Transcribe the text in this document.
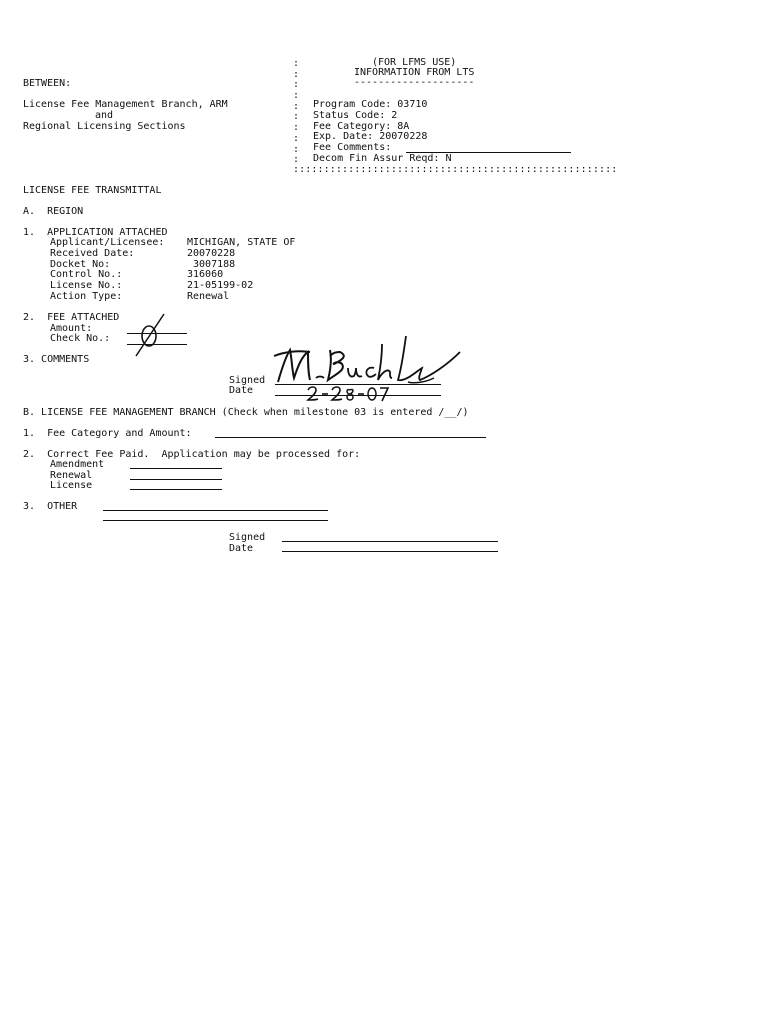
BETWEEN:
License Fee Management Branch, ARM
and
Regional Licensing Sections
:
:
:
:
:
:
:
:
:
:
(FOR LFMS USE)
INFORMATION FROM LTS
--------------------
Program Code: 03710
Status Code: 2
Fee Category: 8A
Exp. Date: 20070228
Fee Comments:
Decom Fin Assur Reqd: N
:::::::::::::::::::::::::::::::::::::::::::::::::::::
LICENSE FEE TRANSMITTAL
A.  REGION
1.  APPLICATION ATTACHED
Applicant/Licensee:
Received Date:
Docket No:
Control No.:
License No.:
Action Type:
MICHIGAN, STATE OF
20070228
3007188
316060
21-05199-02
Renewal
2.  FEE ATTACHED
Amount:
Check No.:
3. COMMENTS
Signed
Date
B. LICENSE FEE MANAGEMENT BRANCH (Check when milestone 03 is entered /__/)
1.  Fee Category and Amount:
2.  Correct Fee Paid.  Application may be processed for:
Amendment
Renewal
License
3.  OTHER
Signed
Date
